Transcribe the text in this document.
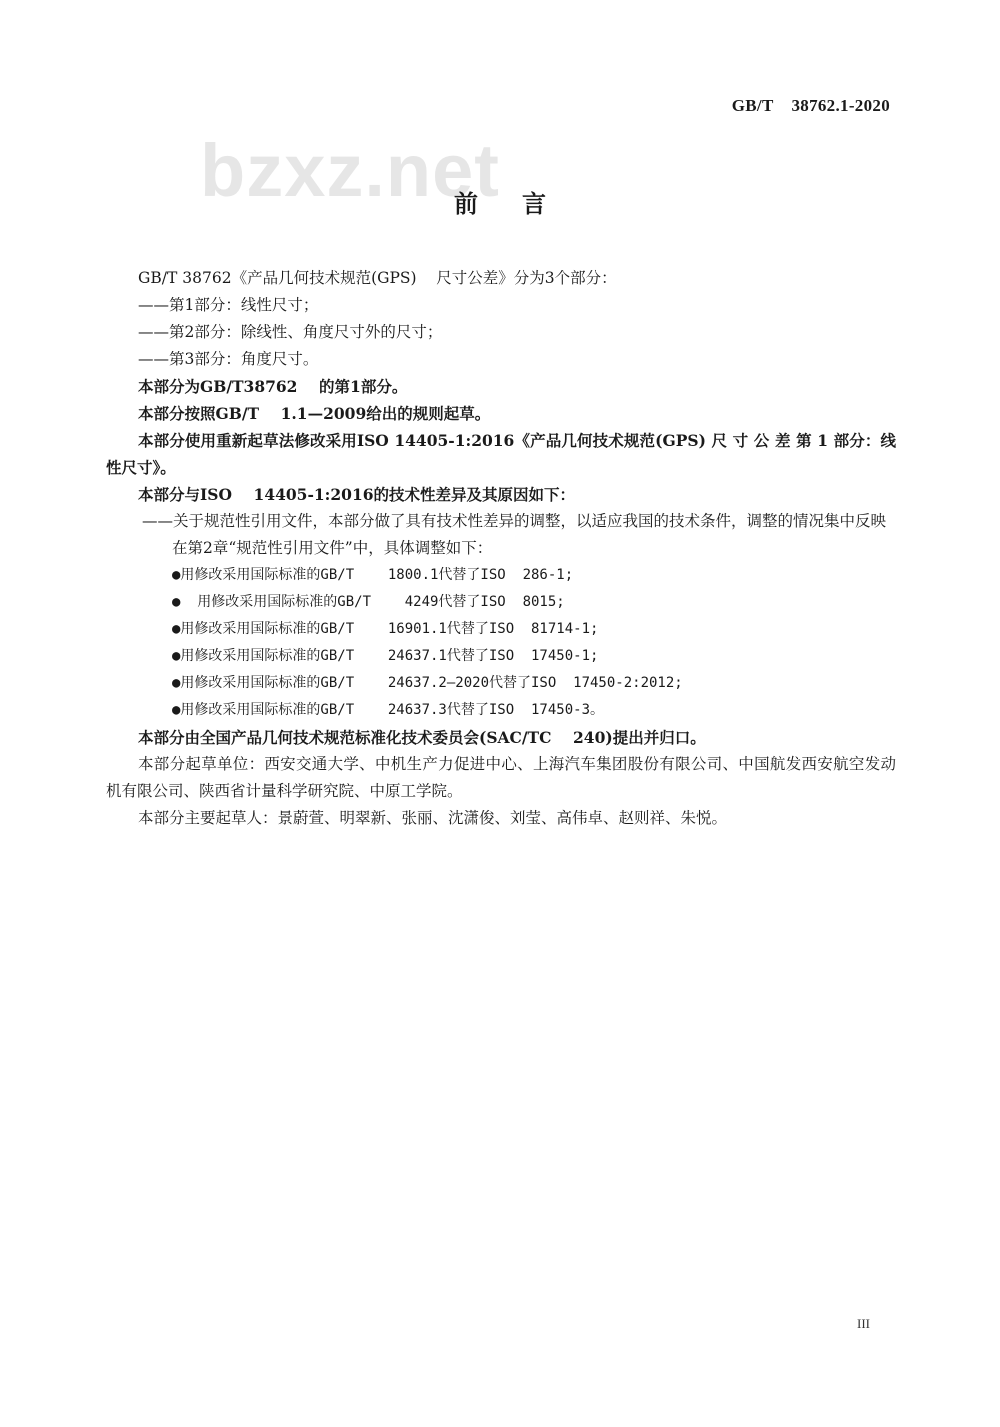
GB/T    38762.1-2020
bzxz.net
前言
GB/T 38762《产品几何技术规范(GPS)    尺寸公差》分为3个部分：
——第1部分：线性尺寸；
——第2部分：除线性、角度尺寸外的尺寸；
——第3部分：角度尺寸。
本部分为GB/T38762    的第1部分。
本部分按照GB/T    1.1—2009给出的规则起草。
本部分使用重新起草法修改采用ISO 14405-1:2016《产品几何技术规范(GPS) 尺 寸 公 差 第 1 部分：线性尺寸》。
本部分与ISO    14405-1:2016的技术性差异及其原因如下：
——关于规范性引用文件，本部分做了具有技术性差异的调整，以适应我国的技术条件，调整的情况集中反映在第2章“规范性引用文件”中，具体调整如下：
●用修改采用国际标准的GB/T    1800.1代替了ISO  286-1;
●  用修改采用国际标准的GB/T    4249代替了ISO  8015;
●用修改采用国际标准的GB/T    16901.1代替了ISO  81714-1;
●用修改采用国际标准的GB/T    24637.1代替了ISO  17450-1;
●用修改采用国际标准的GB/T    24637.2—2020代替了ISO  17450-2:2012;
●用修改采用国际标准的GB/T    24637.3代替了ISO  17450-3。
本部分由全国产品几何技术规范标准化技术委员会(SAC/TC    240)提出并归口。
本部分起草单位：西安交通大学、中机生产力促进中心、上海汽车集团股份有限公司、中国航发西安航空发动机有限公司、陕西省计量科学研究院、中原工学院。
本部分主要起草人：景蔚萱、明翠新、张丽、沈潇俊、刘莹、高伟卓、赵则祥、朱悦。
III
